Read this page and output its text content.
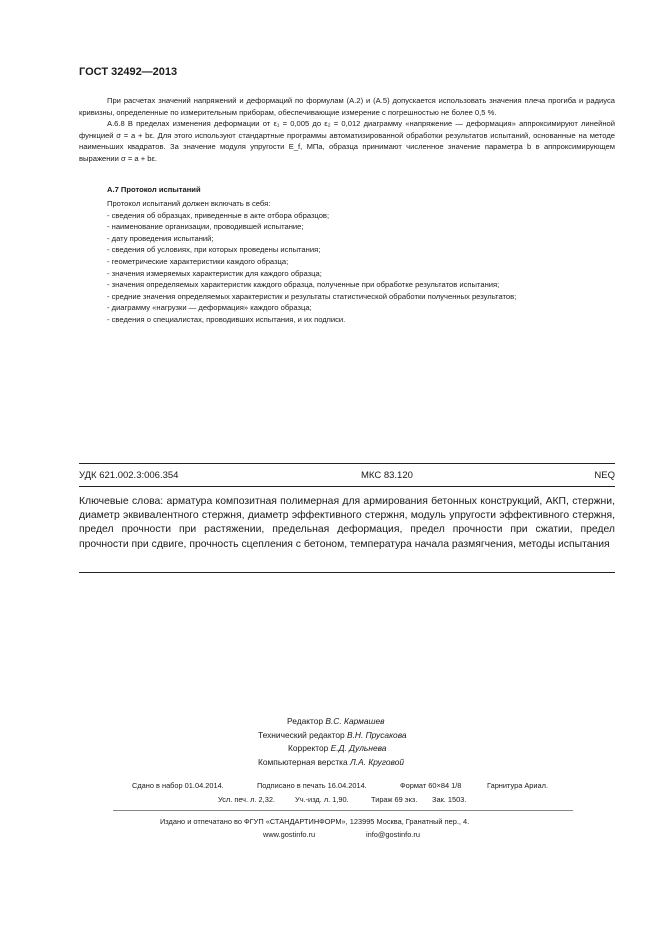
ГОСТ 32492—2013

При расчетах значений напряжений и деформаций по формулам (А.2) и (А.5) допускается использовать значения плеча прогиба и радиуса кривизны, определенные по измерительным приборам, обеспечивающие измерение с погрешностью не более 0,5 %.

А.6.8 В пределах изменения деформации от ε₁ = 0,005 до ε₂ = 0,012 диаграмму «напряжение — деформация» аппроксимируют линейной функцией σ = a + bε. Для этого используют стандартные программы автоматизированной обработки результатов испытаний, основанные на методе наименьших квадратов. За значение модуля упругости E_f, МПа, образца принимают численное значение параметра b в аппроксимирующем выражении σ = a + bε.

А.7 Протокол испытаний
Протокол испытаний должен включать в себя:
- сведения об образцах, приведенные в акте отбора образцов;
- наименование организации, проводившей испытание;
- дату проведения испытаний;
- сведения об условиях, при которых проведены испытания;
- геометрические характеристики каждого образца;
- значения измеряемых характеристик для каждого образца;
- значения определяемых характеристик каждого образца, полученные при обработке результатов испытания;
- средние значения определяемых характеристик и результаты статистической обработки полученных результатов;
- диаграмму «нагрузки — деформация» каждого образца;
- сведения о специалистах, проводивших испытания, и их подписи.
УДК 621.002.3:006.354	МКС 83.120	NEQ
Ключевые слова: арматура композитная полимерная для армирования бетонных конструкций, АКП, стержни, диаметр эквивалентного стержня, диаметр эффективного стержня, модуль упругости эффективного стержня, предел прочности при растяжении, предельная деформация, предел прочности при сжатии, предел прочности при сдвиге, прочность сцепления с бетоном, температура начала размягчения, методы испытания
Редактор В.С. Кармашев
Технический редактор В.Н. Прусакова
Корректор Е.Д. Дульнева
Компьютерная верстка Л.А. Круговой
Сдано в набор 01.04.2014.	Подписано в печать 16.04.2014.	Формат 60×84 1/8	Гарнитура Ариал.
Усл. печ. л. 2,32.	Уч.-изд. л. 1,90.	Тираж 69 экз. Зак. 1503.
Издано и отпечатано во ФГУП «СТАНДАРТИНФОРМ», 123995 Москва, Гранатный пер., 4.
www.gostinfo.ru	info@gostinfo.ru
